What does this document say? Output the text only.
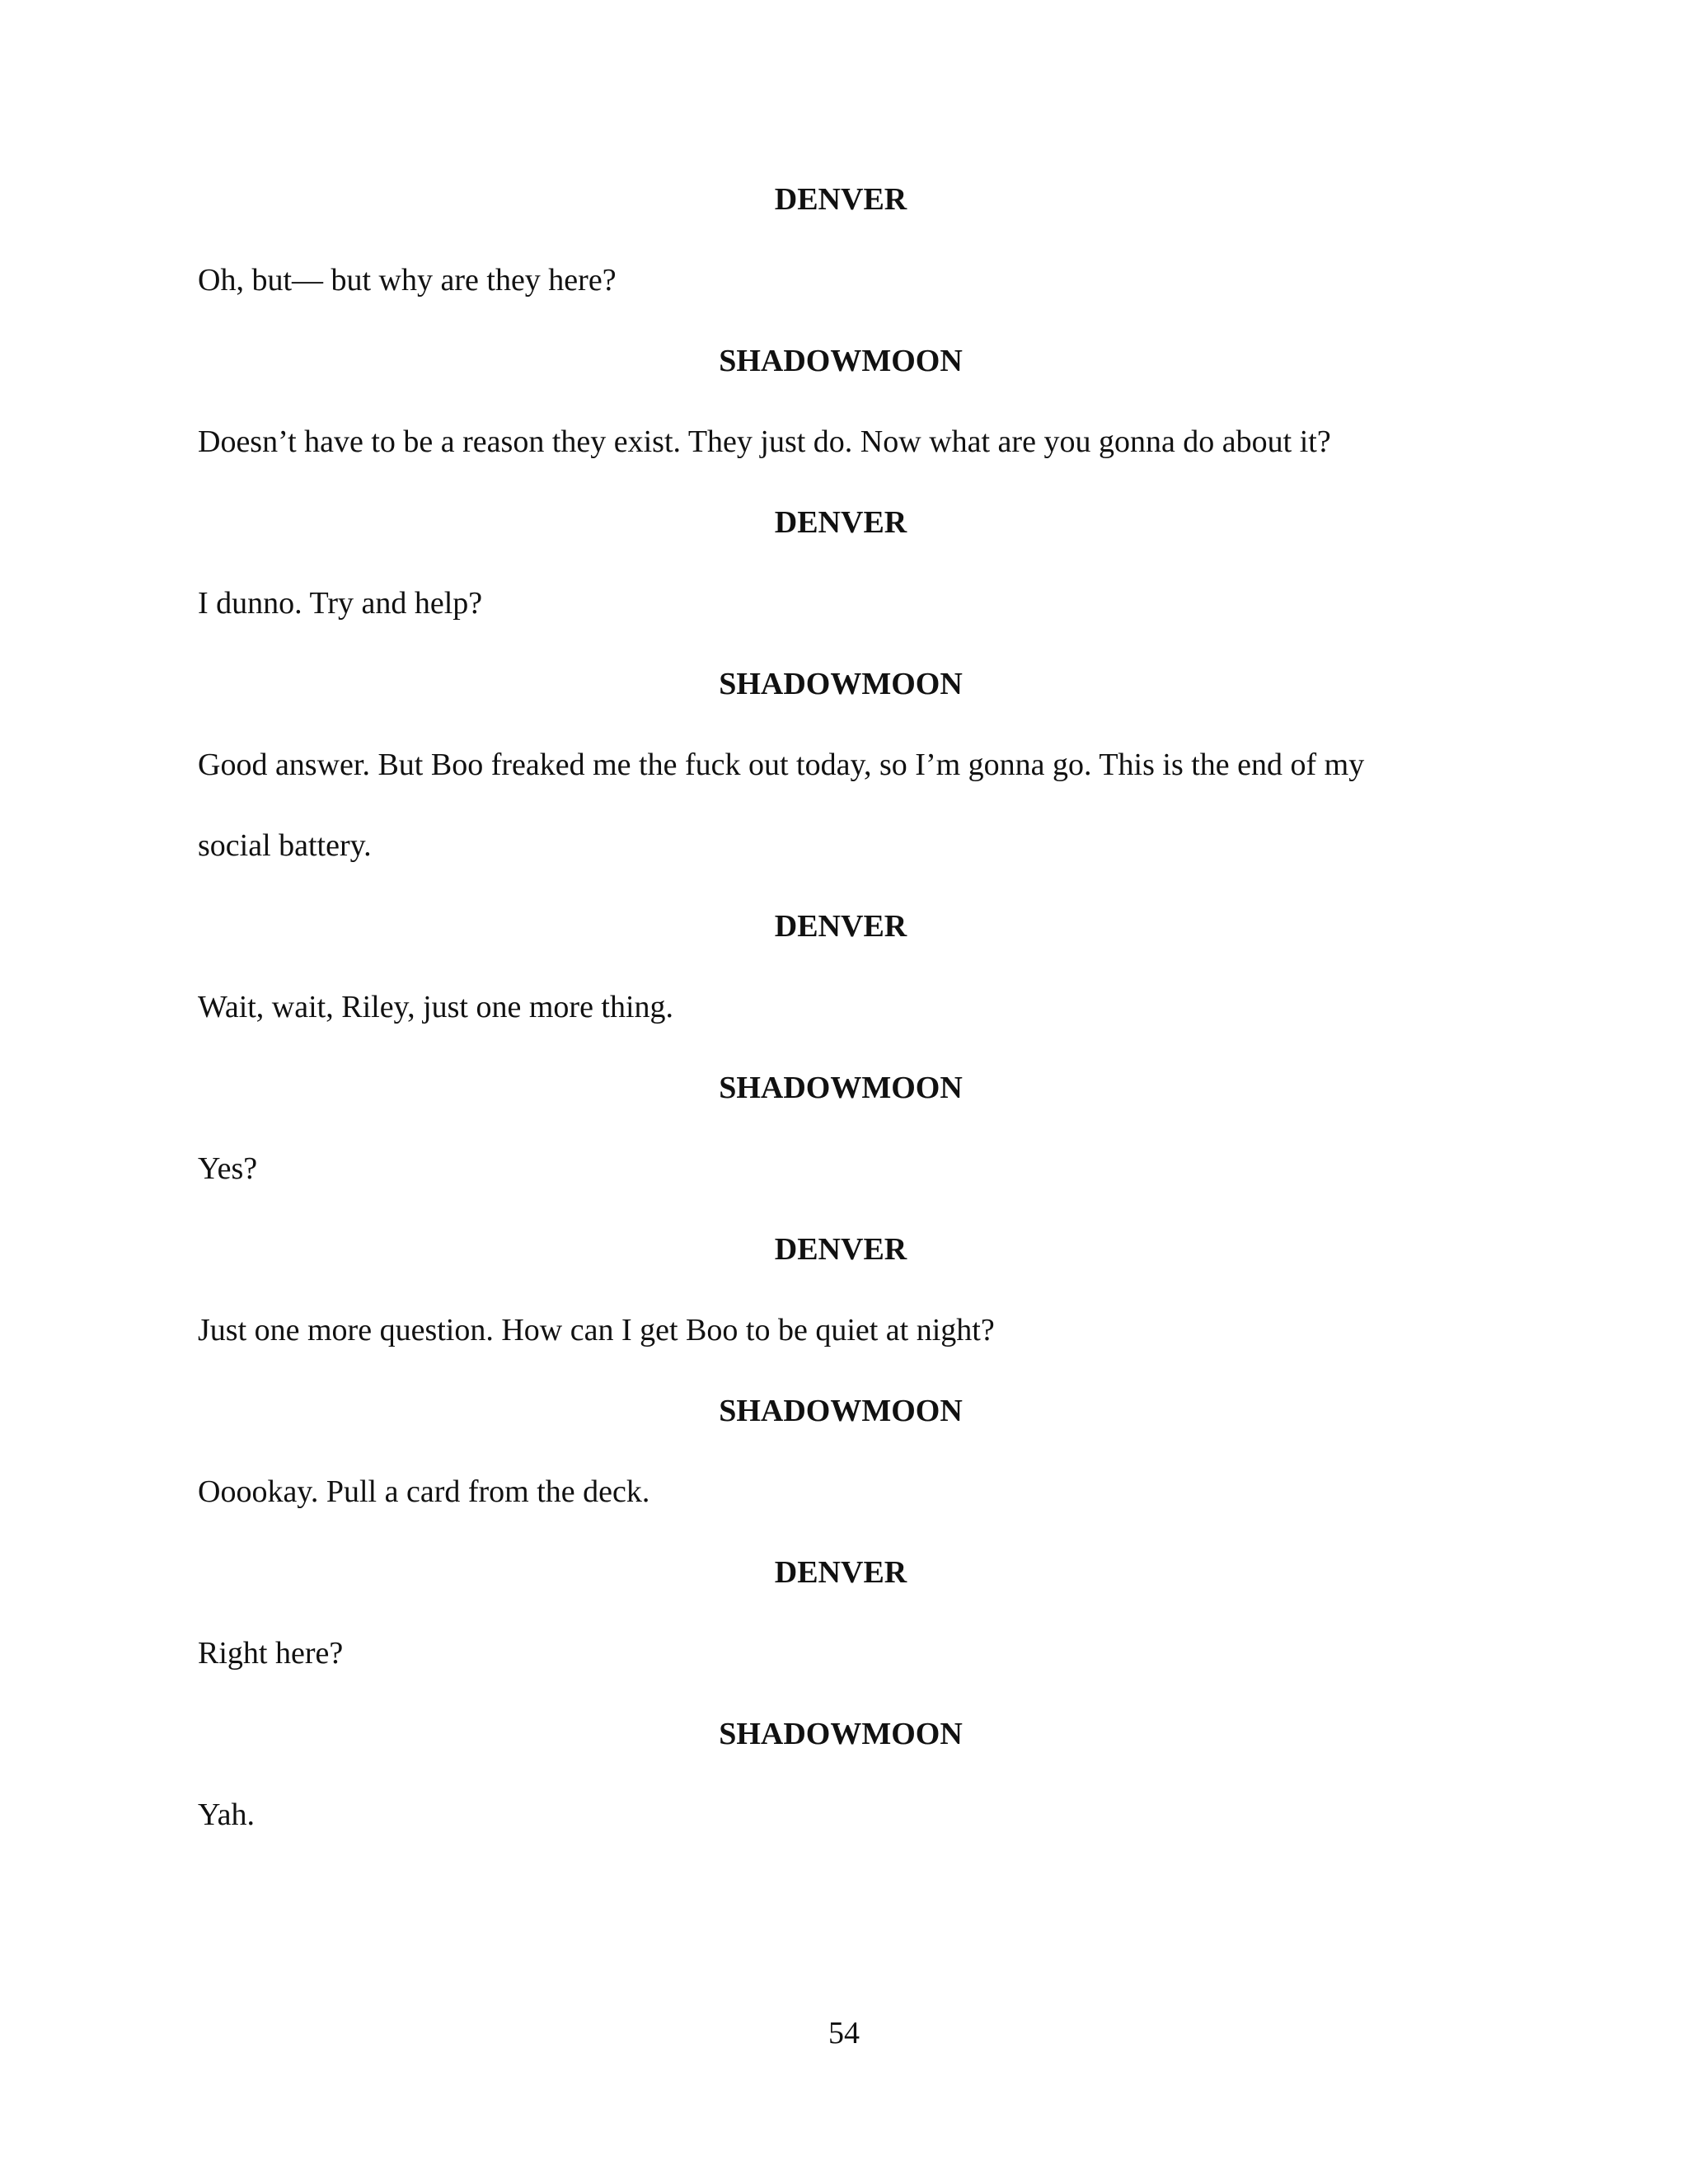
DENVER
Oh, but— but why are they here?
SHADOWMOON
Doesn’t have to be a reason they exist. They just do. Now what are you gonna do about it?
DENVER
I dunno. Try and help?
SHADOWMOON
Good answer. But Boo freaked me the fuck out today, so I’m gonna go. This is the end of my
social battery.
DENVER
Wait, wait, Riley, just one more thing.
SHADOWMOON
Yes?
DENVER
Just one more question. How can I get Boo to be quiet at night?
SHADOWMOON
Ooookay. Pull a card from the deck.
DENVER
Right here?
SHADOWMOON
Yah.
54
